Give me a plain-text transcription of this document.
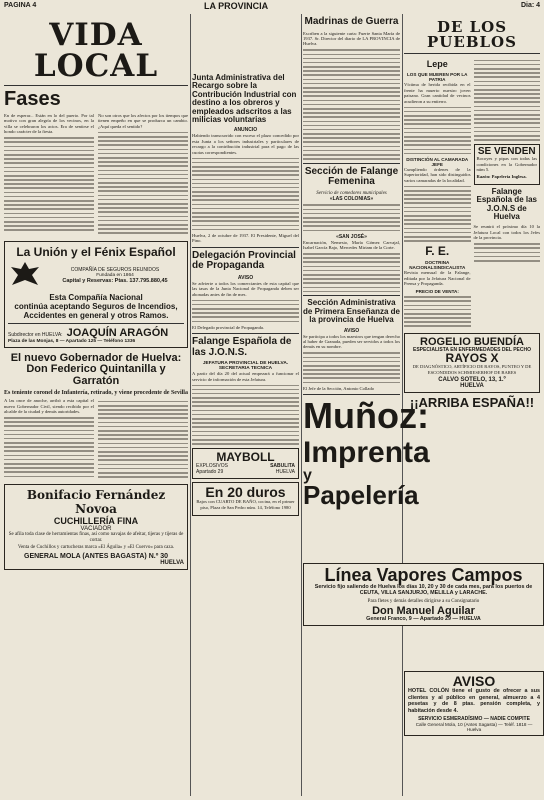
PAGINA 4	LA PROVINCIA	Dia: 4
VIDA LOCAL
Fases

En de esperar... Están en lo del puerto. Por tal motivo con gran alegría de los vecinos, en la villa se celebraron los actos. Era de sentirse el hondo carácter de la fiesta.

No son otros que los afectos por los tiempos que tienen empeño en que se produzca un cambio. ¿Aquí queda el sentido?

La Unión y el Fénix Español
COMPAÑÍA DE SEGUROS REUNIDOS
Fundada en 1864
Capital y Reservas: Ptas. 137.795.880,45
Esta Compañía Nacional
continúa aceptando Seguros de Incendios,
Accidentes en general y otros Ramos.
Subdirector en HUELVA: JOAQUÍN ARAGÓN
Plaza de las Monjas, 8 — Apartado 125 — Teléfono 1336
El nuevo Gobernador de Huelva: Don Federico Quintanilla y Garratón
Es teniente coronel de Infantería, retirado, y viene procedente de Sevilla

A las once de anoche, arribó a esta capital el nuevo Gobernador Civil, siendo recibido por el alcalde de la ciudad y demás autoridades.

Bonifacio Fernández Novoa
CUCHILLERÍA FINA
VACIADOR

Se afila toda clase de herramientas finas, así como navajas de afeitar, tijeras y tijeras de cortar.

Venta de Cuchillos y cartucheras marca «El Águila» y «El Cuervo» para caza.

GENERAL MOLA (ANTES BAGASTA) N.º 30
HUELVA
Junta Administrativa del Recargo sobre la Contribución Industrial con destino a los obreros y empleados adscritos a las milicias voluntarias
ANUNCIO

Habiendo transcurrido con exceso el plazo concedido por esta Junta a los señores industriales y particulares de recargo a la contribución industrial para el pago de las cuotas correspondientes.

Huelva, 2 de octubre de 1937. El Presidente, Miguel del Pino.

Delegación Provincial de Propaganda
AVISO

Se advierte a todos los comerciantes de esta capital que las tasas de la Junta Nacional de Propaganda deben ser abonadas antes de fin de mes.

El Delegado provincial de Propaganda.

Falange Española de las J.O.N.S.
JEFATURA PROVINCIAL DE HUELVA. SECRETARIA TECNICA

A partir del día 20 del actual empezará a funcionar el servicio de información de esta Jefatura.

MAYBOLL
EXPLOSIVOS	SABULITA
Apartado 29	HUELVA
En 20 duros

Bajos con CUARTO DE BAÑO, cocina, en el primer piso, Plaza de San Pedro núm. 14, Teléfono 1980

Madrinas de Guerra

Escriben a la siguiente carta: Fuerte Santa María de 1937. Sr. Director del diario de LA PROVINCIA de Huelva.

Sección de Falange Femenina
Servicio de comedores municipales
«LAS COLONIAS»
«SAN JOSÉ»

Encarnación, Nemesio, María Gómez Carvajal, Isabel García Bajo, Mercedes Miriam de la Corte.

Sección Administrativa de Primera Enseñanza de la provincia de Huelva
AVISO

Se participa a todos los maestros que tengan derecho al haber de Granada, pueden ser servidos a todos los demás en su nombre.

El Jefe de la Sección, Antonio Collado

Muñoz:
Imprenta
y
Papelería
DE LOS PUEBLOS
Lepe
LOS QUE MUEREN POR LA PATRIA

Víctima de herida recibida en el frente ha muerto nuestro joven paisano. Gran cantidad de vecinos acudieron a su entierro.

DISTINCIÓN AL CAMARADA JEFE

Cumpliendo órdenes de la Superioridad, han sido distinguidos varios camaradas de la localidad.

F. E.
DOCTRINA NACIONALSINDICALISTA

Revista mensual de la Falange, editada por la Jefatura Nacional de Prensa y Propaganda.

PRECIO DE VENTA:
SE VENDEN

Bocoyes y pipas con todas las condiciones en la Gobernador núm 5.

Razón: Papelería Inglesa.

Falange Española de las J.O.N.S de Huelva

Se reunirá el próximo día 10 la Jefatura Local con todos los Jefes de la provincia.

ROGELIO BUENDÍA
ESPECIALISTA EN ENFERMEDADES DEL PECHO
RAYOS X

DE DIAGNÓSTICO, ARTÍFICIO DE RAYOS, PUNTEO Y DE ESCONDIDOS SCHMIESERHOF DE BARES

CALVO SOTELO, 13, 1.º
HUELVA
¡¡ARRIBA ESPAÑA!!
Línea Vapores Campos

Servicio fijo saliendo de Huelva los días 10, 20 y 30 de cada mes, para los puertos de CEUTA, VILLA SANJURJO, MELILLA y LARACHE.

Para fletes y demás detalles dirigirse a su Consignatario

Don Manuel Aguilar
General Franco, 9 — Apartado 29 — HUELVA
AVISO

HOTEL COLÓN tiene el gusto de ofrecer a sus clientes y al público en general, almuerzo a 4 pesetas y de 8 ptas. pensión completa, y habitación desde 4.

SERVICIO ESMERADÍSIMO — NADIE COMPITE
Calle General Mola, 10 (Antes Sagasta) — Teléf. 1818 — Huelva
